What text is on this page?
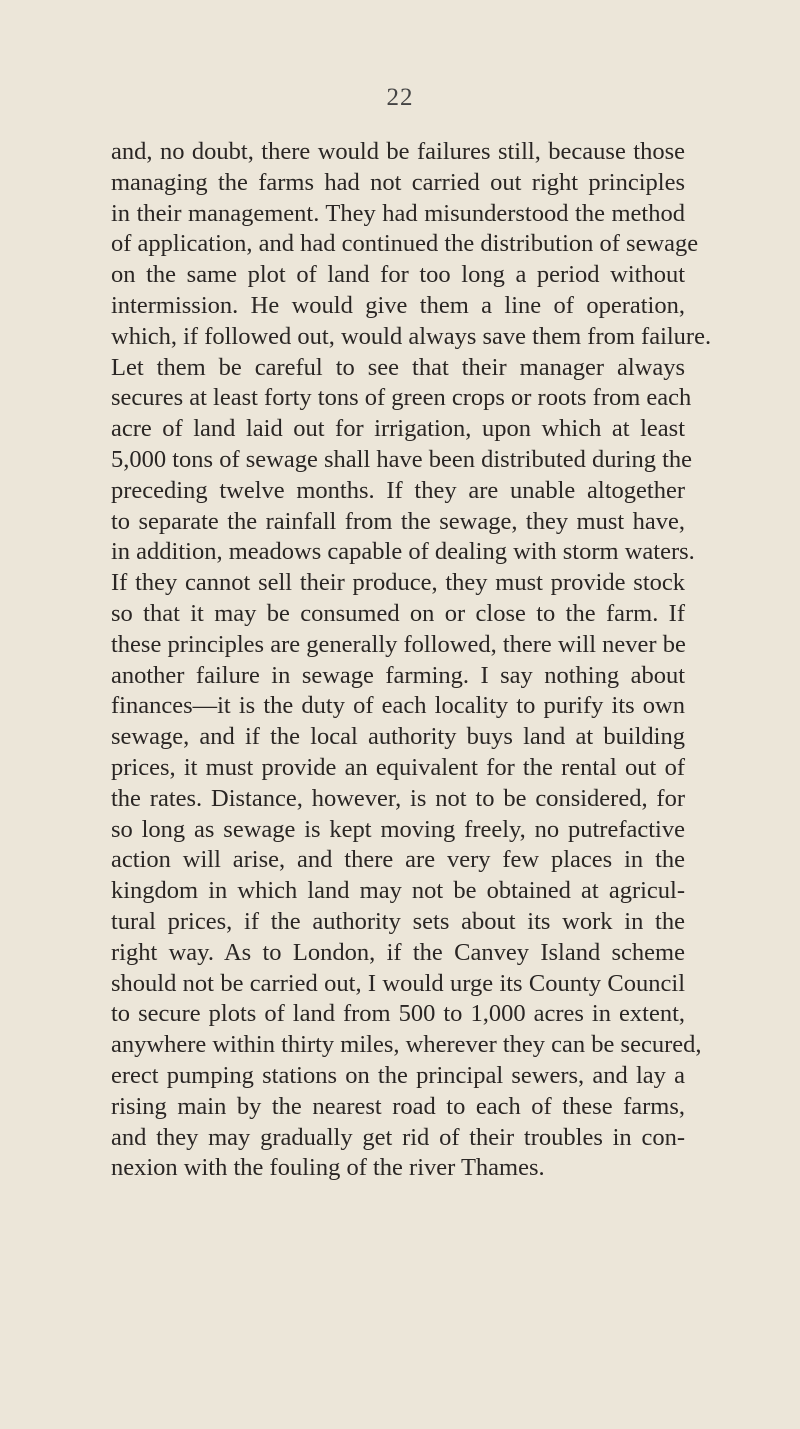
22
and, no doubt, there would be failures still, because those
managing the farms had not carried out right principles
in their management. They had misunderstood the method
of application, and had continued the distribution of sewage
on the same plot of land for too long a period without
intermission. He would give them a line of operation,
which, if followed out, would always save them from failure.
Let them be careful to see that their manager always
secures at least forty tons of green crops or roots from each
acre of land laid out for irrigation, upon which at least
5,000 tons of sewage shall have been distributed during the
preceding twelve months. If they are unable altogether
to separate the rainfall from the sewage, they must have,
in addition, meadows capable of dealing with storm waters.
If they cannot sell their produce, they must provide stock
so that it may be consumed on or close to the farm. If
these principles are generally followed, there will never be
another failure in sewage farming. I say nothing about
finances—it is the duty of each locality to purify its own
sewage, and if the local authority buys land at building
prices, it must provide an equivalent for the rental out of
the rates. Distance, however, is not to be considered, for
so long as sewage is kept moving freely, no putrefactive
action will arise, and there are very few places in the
kingdom in which land may not be obtained at agricul-
tural prices, if the authority sets about its work in the
right way. As to London, if the Canvey Island scheme
should not be carried out, I would urge its County Council
to secure plots of land from 500 to 1,000 acres in extent,
anywhere within thirty miles, wherever they can be secured,
erect pumping stations on the principal sewers, and lay a
rising main by the nearest road to each of these farms,
and they may gradually get rid of their troubles in con-
nexion with the fouling of the river Thames.
